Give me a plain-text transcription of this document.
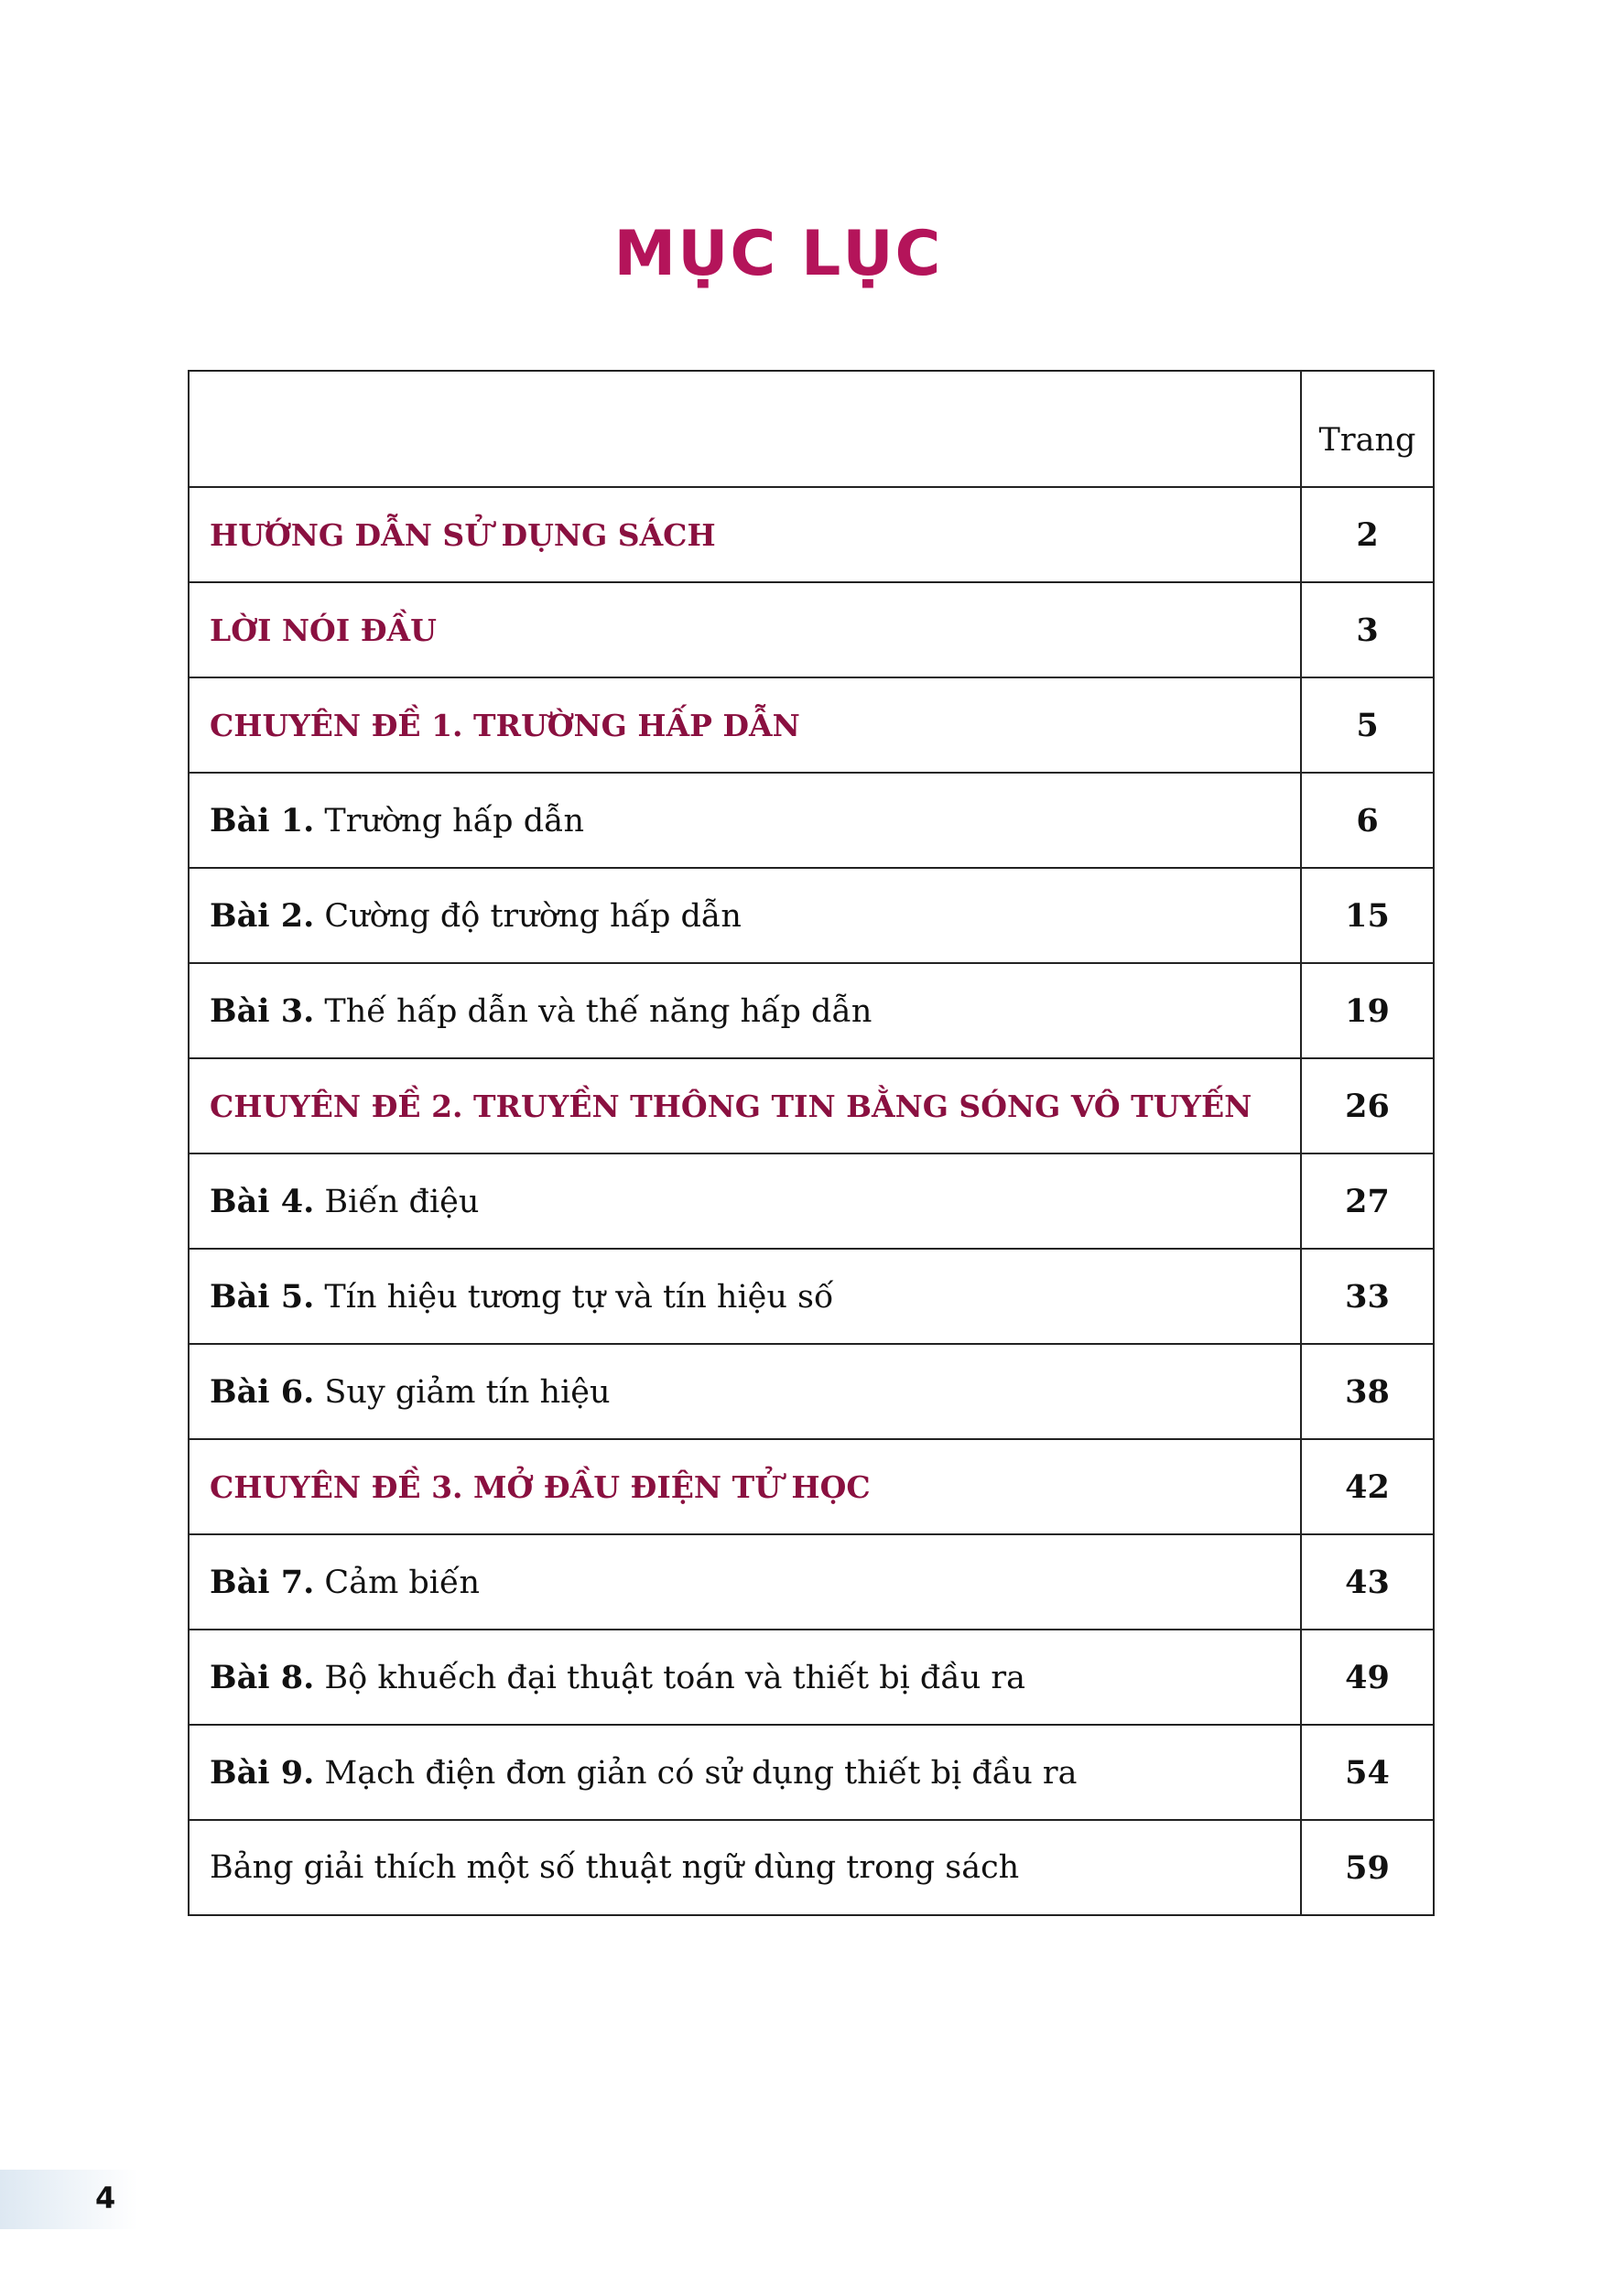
MỤC LỤC
	Trang
HƯỚNG DẪN SỬ DỤNG SÁCH	2
LỜI NÓI ĐẦU	3
CHUYÊN ĐỀ 1. TRƯỜNG HẤP DẪN	5
Bài 1. Trường hấp dẫn	6
Bài 2. Cường độ trường hấp dẫn	15
Bài 3. Thế hấp dẫn và thế năng hấp dẫn	19
CHUYÊN ĐỀ 2. TRUYỀN THÔNG TIN BẰNG SÓNG VÔ TUYẾN	26
Bài 4. Biến điệu	27
Bài 5. Tín hiệu tương tự và tín hiệu số	33
Bài 6. Suy giảm tín hiệu	38
CHUYÊN ĐỀ 3. MỞ ĐẦU ĐIỆN TỬ HỌC	42
Bài 7. Cảm biến	43
Bài 8. Bộ khuếch đại thuật toán và thiết bị đầu ra	49
Bài 9. Mạch điện đơn giản có sử dụng thiết bị đầu ra	54
Bảng giải thích một số thuật ngữ dùng trong sách	59
4
